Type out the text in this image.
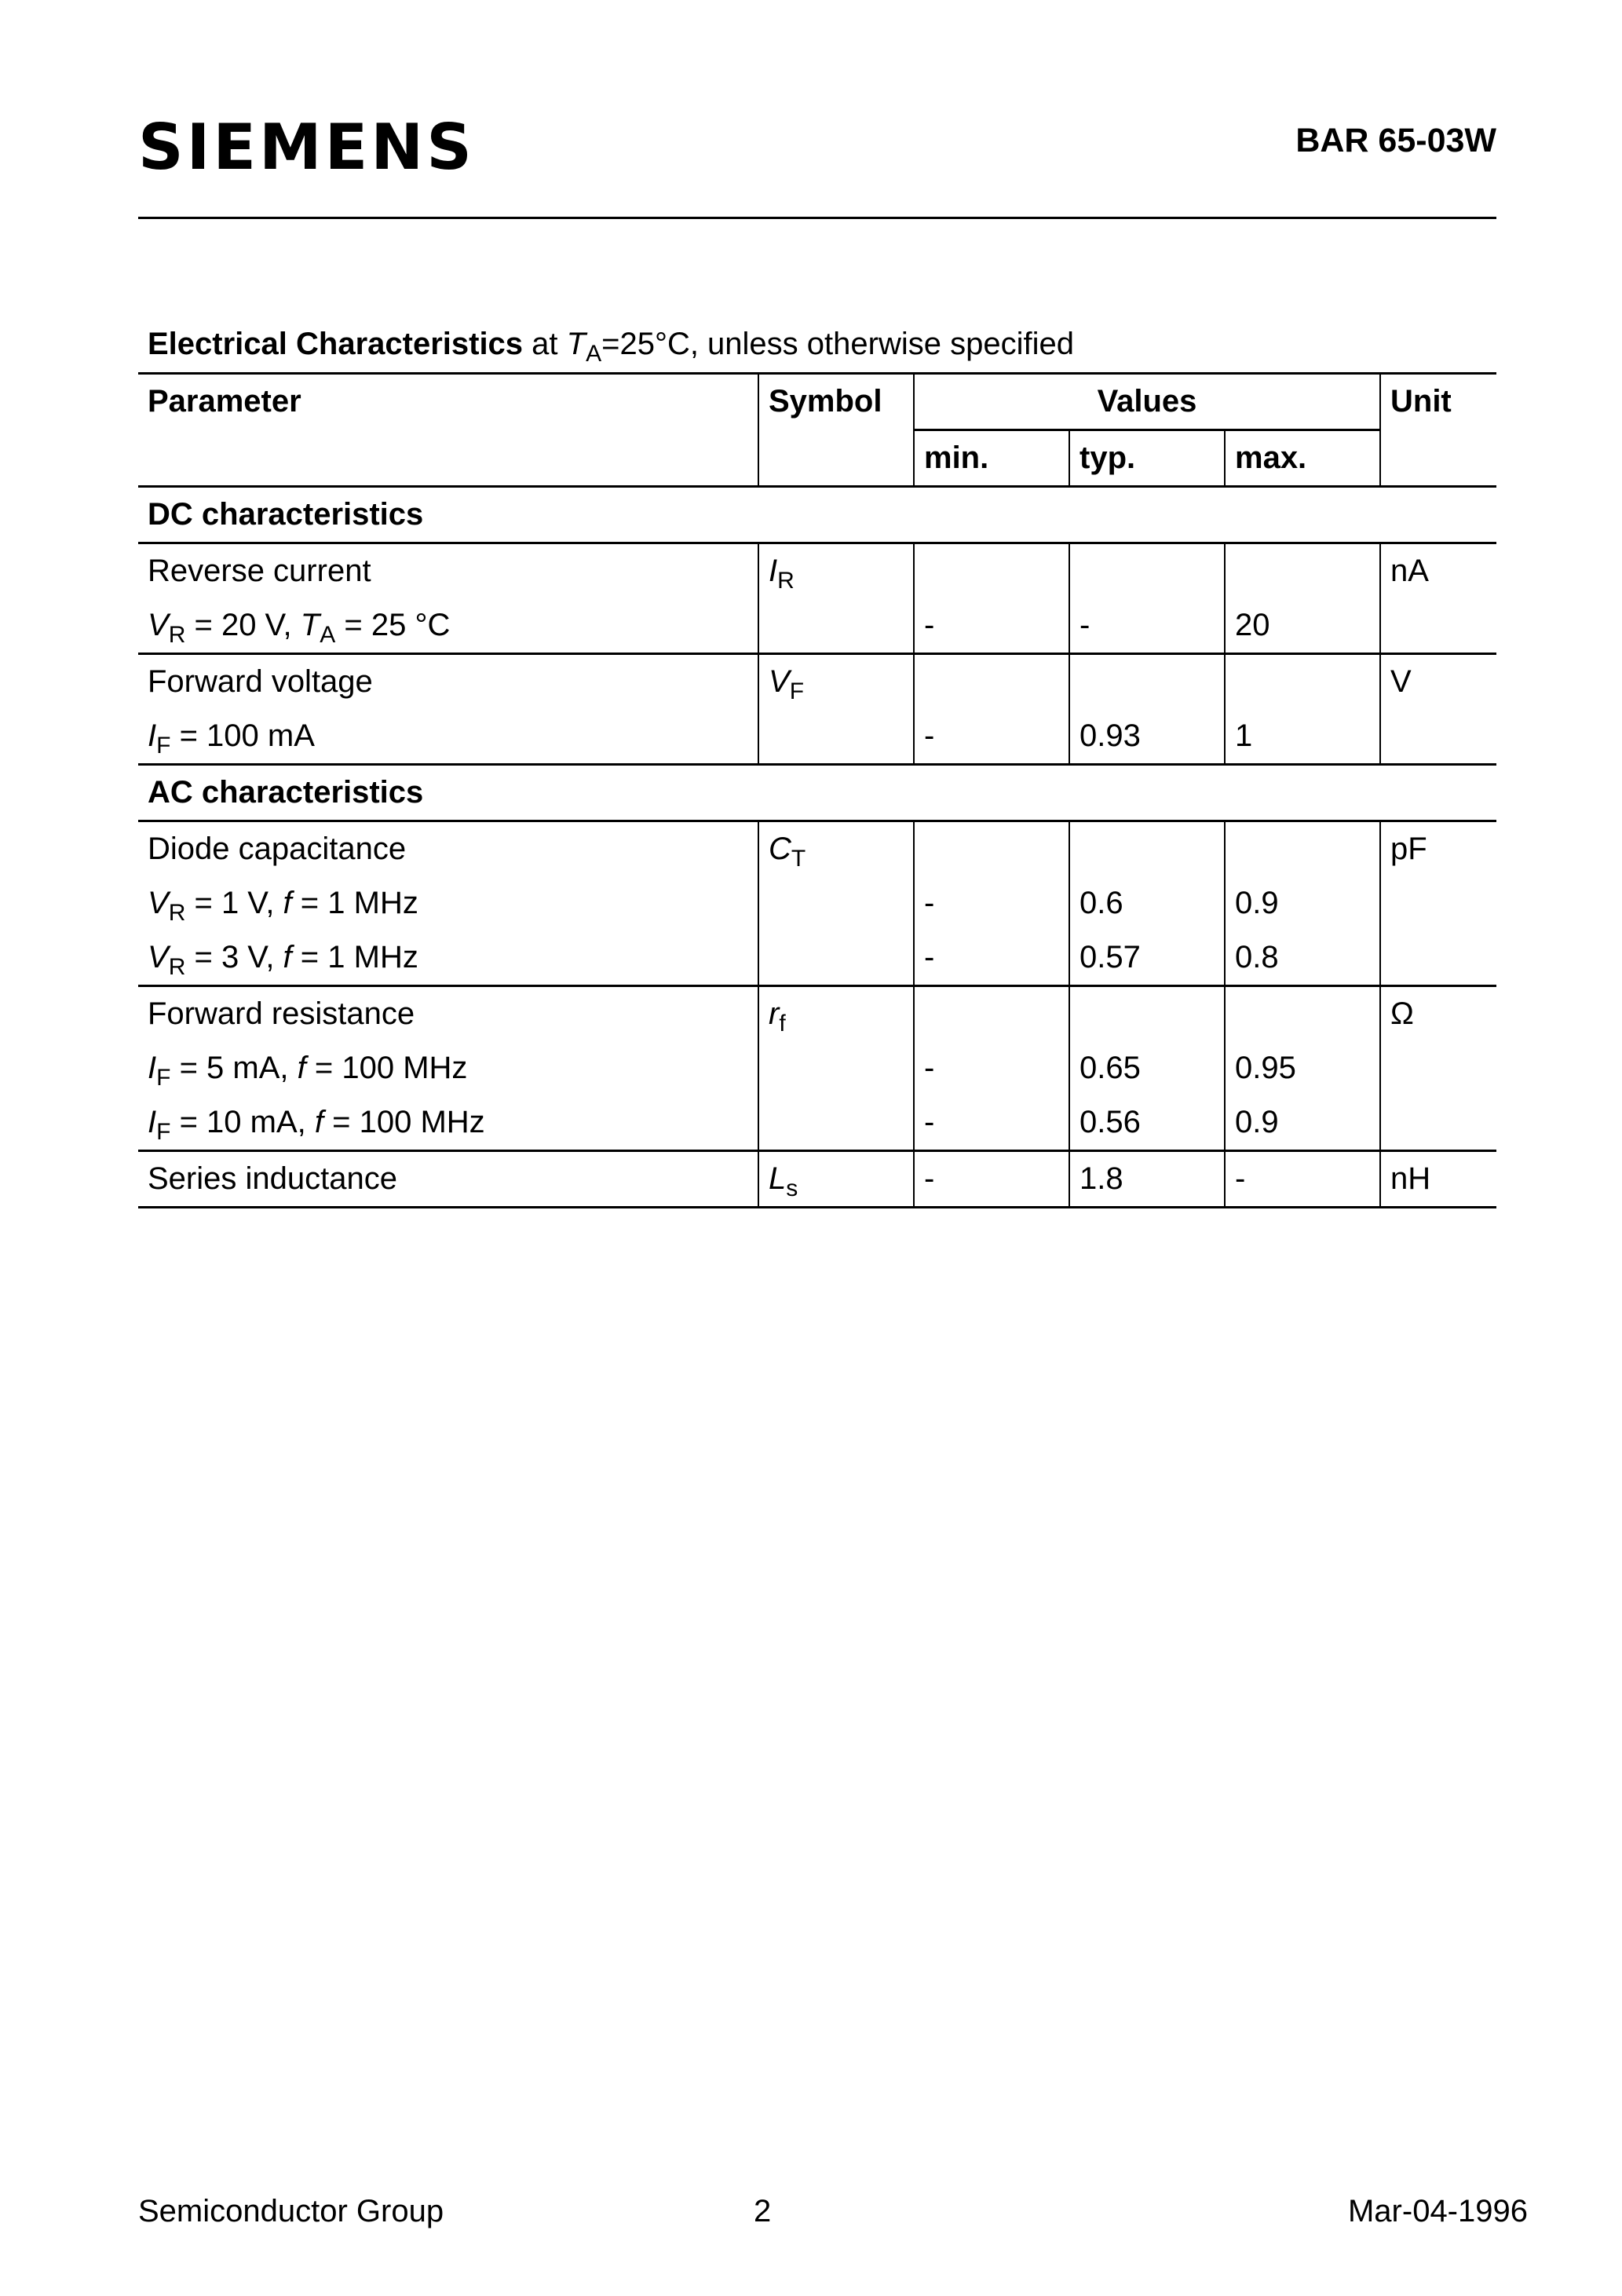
SIEMENS	BAR 65-03W
Electrical Characteristics at $T_A=25^\circ C$, unless otherwise specified
Parameter	Symbol	Values			Unit
		min.	typ.	max.	
DC characteristics					
Reverse current	$I_R$				nA
$V_R = 20$ V, $T_A = 25$ °C		-	-	20	
Forward voltage	$V_F$				V
$I_F = 100$ mA		-	0.93	1	
AC characteristics					
Diode capacitance	$C_T$				pF
$V_R = 1$ V, f = 1 MHz		-	0.6	0.9	
$V_R = 3$ V, f = 1 MHz		-	0.57	0.8	
Forward resistance	$r_f$				Ω
$I_F = 5$ mA, f = 100 MHz		-	0.65	0.95	
$I_F = 10$ mA, f = 100 MHz		-	0.56	0.9	
Series inductance	$L_s$	-	1.8	-	nH
Semiconductor Group	2	Mar-04-1996
